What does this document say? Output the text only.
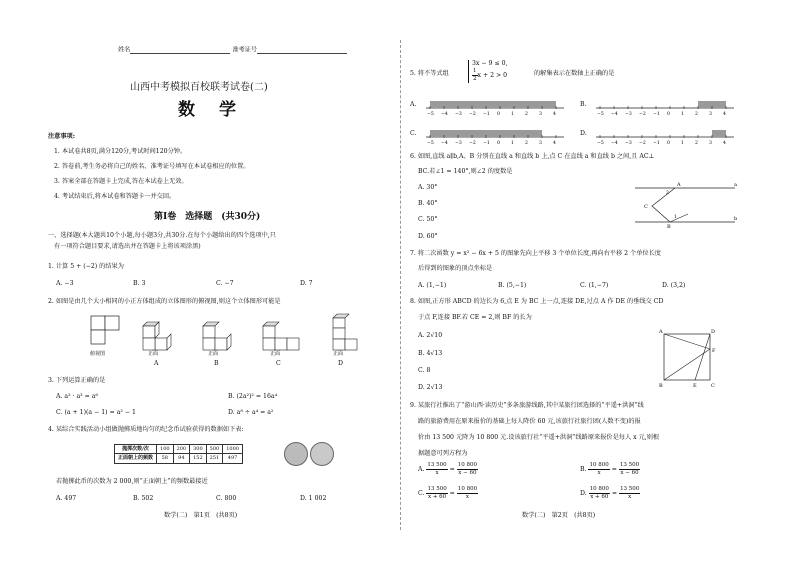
姓名	准考证号
山西中考模拟百校联考试卷(二)
数学
注意事项:
1. 本试卷共8页,满分120分,考试时间120分钟。
2. 答卷前,考生务必将自己的姓名、准考证号填写在本试卷相应的位置。
3. 答案全部在答题卡上完成,答在本试卷上无效。
4. 考试结束后,将本试卷和答题卡一并交回。
第Ⅰ卷　选择题　(共30分)
一、选择题(本大题共10个小题,每小题3分,共30分.在每个小题给出的四个选项中,只
有一项符合题目要求,请选出并在答题卡上将该项涂黑)
1. 计算 5 + (−2) 的结果为
A. −3	B. 3	C. −7	D. 7
2. 如图是由几个大小相同的小正方体组成的立体图形的俯视图,则这个立体图形可能是
俯视图	正面	正面	正面	正面
A	B	C	D
3. 下列运算正确的是
A. a² · a³ = a⁶	B. (2a²)² = 16a⁴
C. (a + 1)(a − 1) = a² − 1	D. a⁸ ÷ a⁴ = a²
4. 某综合实践活动小组做抛掷质地均匀的纪念币试验获得的数据如下表:
抛掷次数/次	100	200	300	500	1000
正面朝上的频数	58	94	152	251	497

若抛掷此币的次数为 2 000,则“正面朝上”的频数最接近
A. 497	B. 502	C. 800	D. 1 002
数学(二)　第1页　(共8页)
5. 将不等式组
3x − 9 ≤ 0,
$\frac{1}{2}$ x + 2 > 0	的解集表示在数轴上正确的是
−5 −4 −3 −2 −1 0 1 2 3 4	−5 −4 −3 −2 −1 0 1 2 3 4
−5 −4 −3 −2 −1 0 1 2 3 4	−5 −4 −3 −2 −1 0 1 2 3 4
A.	B.
C.	D.
6. 如图,直线 a∥b,A、B 分别在直线 a 和直线 b 上,点 C 在直线 a 和直线 b 之间,且 AC⊥
BC.若∠1 = 140°,则∠2 的度数是
A. 30°
B. 40°
C. 50°
D. 60°
A
B
C
a
b
1
2
7. 将二次函数 y = x² − 6x + 5 的图象先向上平移 3 个单位长度,再向右平移 2 个单位长度
后得到的图象的顶点坐标是
A. (1,−1)	B. (5,−1)	C. (1,−7)	D. (3,2)
8. 如图,正方形 ABCD 的边长为 6,点 E 为 BC 上一点,连接 DE,过点 A 作 DE 的垂线交 CD
于点 F,连接 BF.若 CE = 2,则 BF 的长为
A. 2√10
B. 4√13
C. 8
D. 2√13
A	D
F
B	E	C
9. 某旅行社推出了“游山西·读历史”多条旅游线路,其中某旅行团选择的“平遥+洪洞”线
路的旅游费用在原来报价的基础上每人降价 60 元,该旅行社旅行团(人数不变)的报
价由 13 500 元降为 10 800 元.设该旅行社“平遥+洪洞”线路原来报价是每人 x 元,则根
据题意可列方程为
A. $\frac{13 500}{x} = \frac{10 800}{x - 60}$	B. $\frac{10 800}{x} = \frac{13 500}{x - 60}$
C. $\frac{13 500}{x + 60} = \frac{10 800}{x}$	D. $\frac{10 800}{x + 60} = \frac{13 500}{x}$
数学(二)　第2页　(共8页)
